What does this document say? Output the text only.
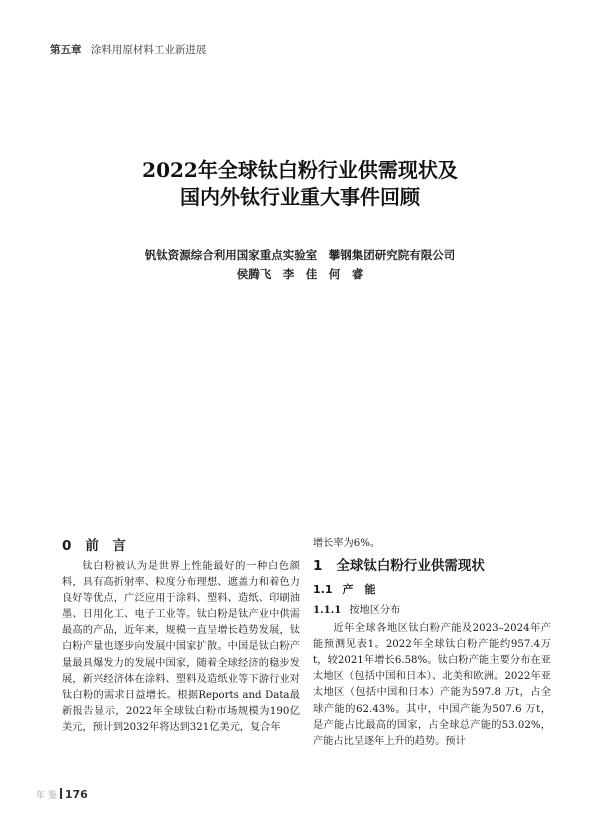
第五章 涂料用原材料工业新进展
2022年全球钛白粉行业供需现状及
国内外钛行业重大事件回顾
钒钛资源综合利用国家重点实验室　攀钢集团研究院有限公司
侯腾飞　李　佳　何　睿
0 前　言

钛白粉被认为是世界上性能最好的一种白色颜料，具有高折射率、粒度分布理想、遮盖力和着色力良好等优点，广泛应用于涂料、塑料、造纸、印刷油墨、日用化工、电子工业等。钛白粉是钛产业中供需最高的产品，近年来，规模一直呈增长趋势发展，钛白粉产量也逐步向发展中国家扩散。中国是钛白粉产量最具爆发力的发展中国家，随着全球经济的稳步发展，新兴经济体在涂料、塑料及造纸业等下游行业对钛白粉的需求日益增长。根据Reports and Data最新报告显示，2022年全球钛白粉市场规模为190亿美元，预计到2032年将达到321亿美元，复合年

增长率为6%。

1 全球钛白粉行业供需现状
1.1 产　能
1.1.1 按地区分布

近年全球各地区钛白粉产能及2023–2024年产能预测见表1。2022年全球钛白粉产能约957.4万t，较2021年增长6.58%。钛白粉产能主要分布在亚太地区（包括中国和日本）、北美和欧洲。2022年亚太地区（包括中国和日本）产能为597.8 万t，占全球产能的62.43%。其中，中国产能为507.6 万t，是产能占比最高的国家，占全球总产能的53.02%，产能占比呈逐年上升的趋势。预计

年 鉴 176
